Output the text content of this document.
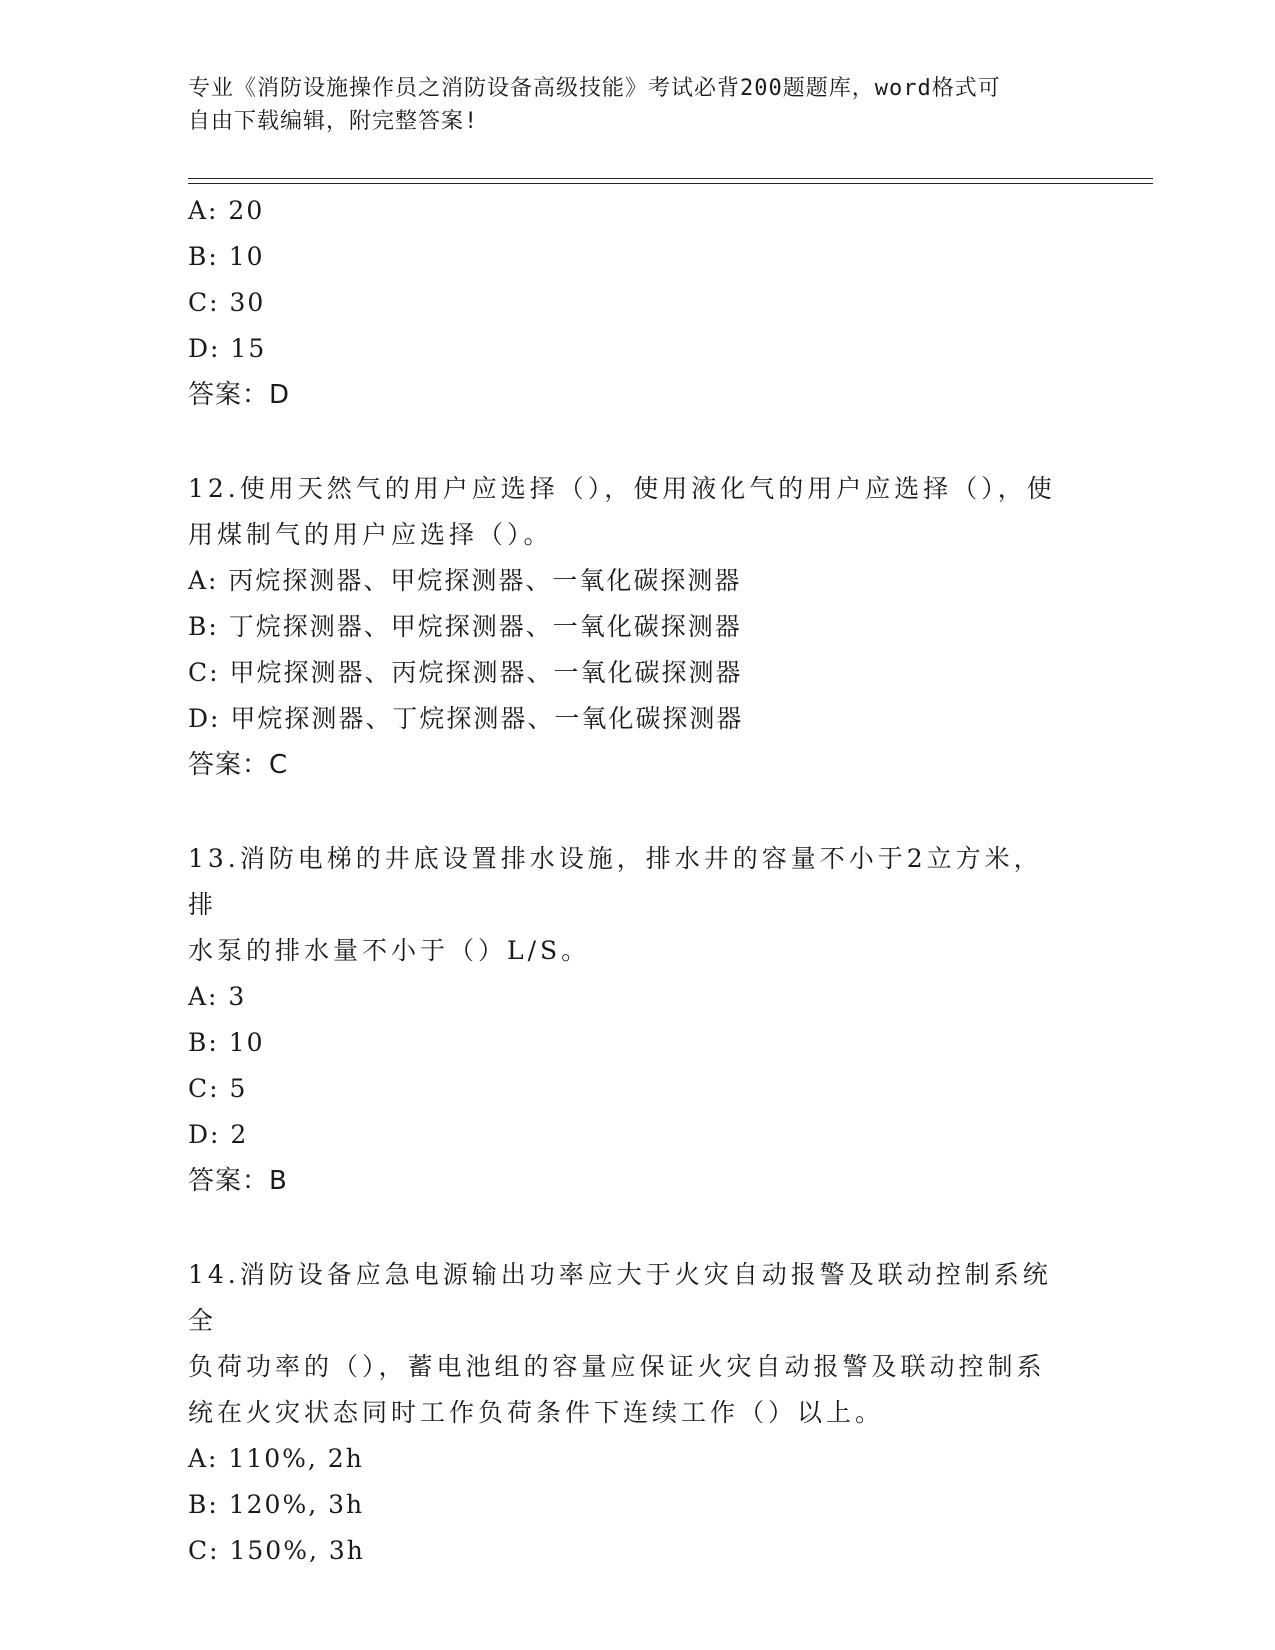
专业《消防设施操作员之消防设备高级技能》考试必背200题题库，word格式可
自由下载编辑，附完整答案!
A: 20
B: 10
C: 30
D: 15
答案：D
12.使用天然气的用户应选择（），使用液化气的用户应选择（），使
用煤制气的用户应选择（）。
A: 丙烷探测器、甲烷探测器、一氧化碳探测器
B: 丁烷探测器、甲烷探测器、一氧化碳探测器
C: 甲烷探测器、丙烷探测器、一氧化碳探测器
D: 甲烷探测器、丁烷探测器、一氧化碳探测器
答案：C
13.消防电梯的井底设置排水设施，排水井的容量不小于2立方米，排
水泵的排水量不小于（）L/S。
A: 3
B: 10
C: 5
D: 2
答案：B
14.消防设备应急电源输出功率应大于火灾自动报警及联动控制系统全
负荷功率的（），蓄电池组的容量应保证火灾自动报警及联动控制系
统在火灾状态同时工作负荷条件下连续工作（）以上。
A: 110%, 2h
B: 120%, 3h
C: 150%, 3h
